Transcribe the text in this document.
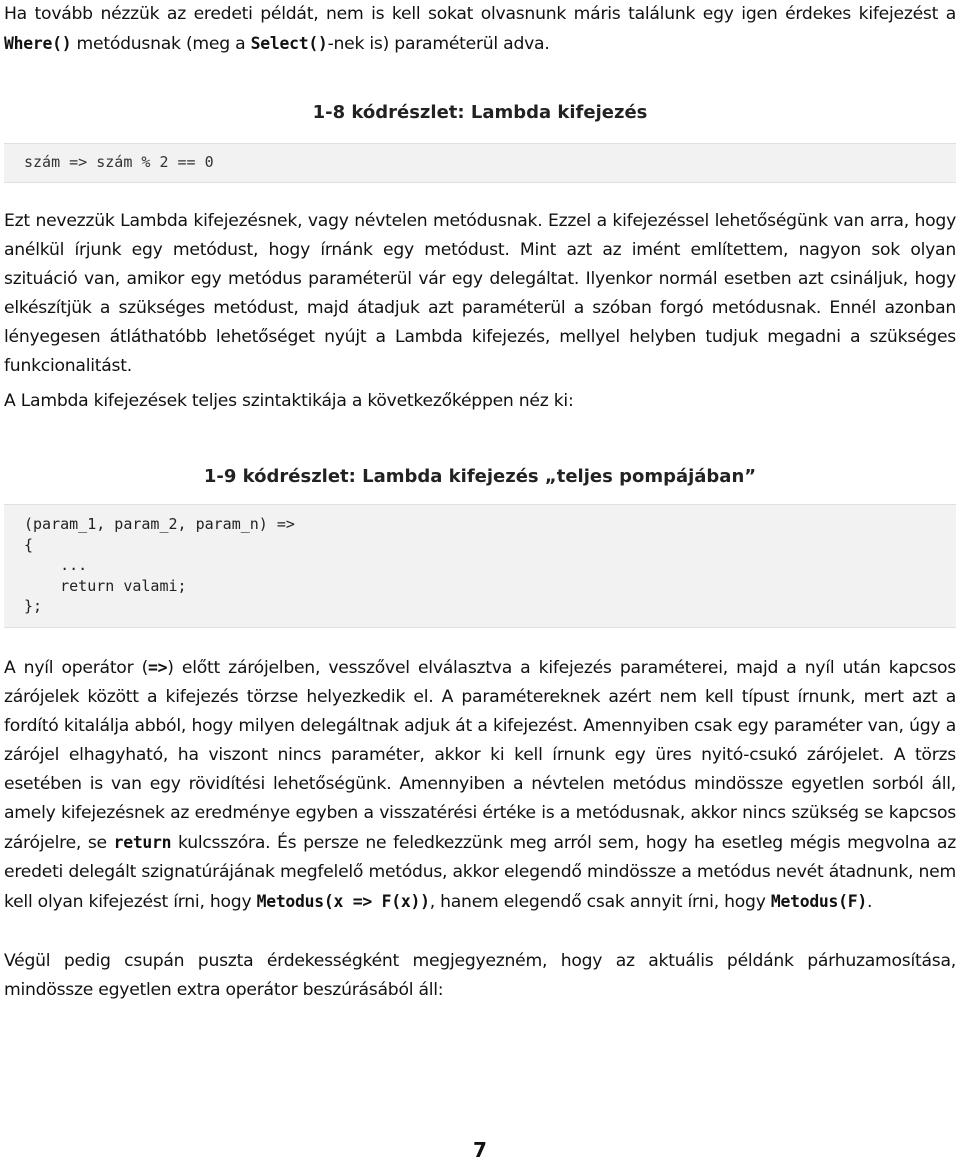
Ha tovább nézzük az eredeti példát, nem is kell sokat olvasnunk máris találunk egy igen érdekes kifejezést a Where() metódusnak (meg a Select()-nek is) paraméterül adva.

1-8 kódrészlet: Lambda kifejezés
szám => szám % 2 == 0

Ezt nevezzük Lambda kifejezésnek, vagy névtelen metódusnak. Ezzel a kifejezéssel lehetőségünk van arra, hogy anélkül írjunk egy metódust, hogy írnánk egy metódust. Mint azt az imént említettem, nagyon sok olyan szituáció van, amikor egy metódus paraméterül vár egy delegáltat. Ilyenkor normál esetben azt csináljuk, hogy elkészítjük a szükséges metódust, majd átadjuk azt paraméterül a szóban forgó metódusnak. Ennél azonban lényegesen átláthatóbb lehetőséget nyújt a Lambda kifejezés, mellyel helyben tudjuk megadni a szükséges funkcionalitást.

A Lambda kifejezések teljes szintaktikája a következőképpen néz ki:

1-9 kódrészlet: Lambda kifejezés „teljes pompájában”
(param_1, param_2, param_n) =>
{
...
return valami;
};

A nyíl operátor (=>) előtt zárójelben, vesszővel elválasztva a kifejezés paraméterei, majd a nyíl után kapcsos zárójelek között a kifejezés törzse helyezkedik el. A paramétereknek azért nem kell típust írnunk, mert azt a fordító kitalálja abból, hogy milyen delegáltnak adjuk át a kifejezést. Amennyiben csak egy paraméter van, úgy a zárójel elhagyható, ha viszont nincs paraméter, akkor ki kell írnunk egy üres nyitó-csukó zárójelet. A törzs esetében is van egy rövidítési lehetőségünk. Amennyiben a névtelen metódus mindössze egyetlen sorból áll, amely kifejezésnek az eredménye egyben a visszatérési értéke is a metódusnak, akkor nincs szükség se kapcsos zárójelre, se return kulcsszóra. És persze ne feledkezzünk meg arról sem, hogy ha esetleg mégis megvolna az eredeti delegált szignatúrájának megfelelő metódus, akkor elegendő mindössze a metódus nevét átadnunk, nem kell olyan kifejezést írni, hogy Metodus(x => F(x)), hanem elegendő csak annyit írni, hogy Metodus(F).

Végül pedig csupán puszta érdekességként megjegyezném, hogy az aktuális példánk párhuzamosítása, mindössze egyetlen extra operátor beszúrásából áll:

7
